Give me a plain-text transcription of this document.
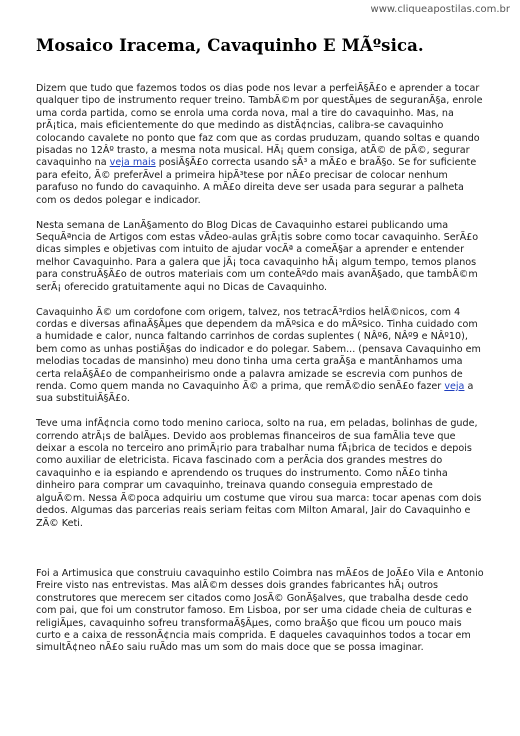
www.cliqueapostilas.com.br
Mosaico Iracema, Cavaquinho E MÃºsica.

Dizem que tudo que fazemos todos os dias pode nos levar a perfeiÃ§Ã£o e aprender a tocar qualquer tipo de instrumento requer treino. TambÃ©m por questÃµes de seguranÃ§a, enrole uma corda partida, como se enrola uma corda nova, mal a tire do cavaquinho. Mas, na prÃ¡tica, mais eficientemente do que medindo as distÃ¢ncias, calibra-se cavaquinho colocando cavalete no ponto que faz com que as cordas pruduzam, quando soltas e quando pisadas no 12Âº trasto, a mesma nota musical. HÃ¡ quem consiga, atÃ© de pÃ©, segurar cavaquinho na veja mais posiÃ§Ã£o correcta usando sÃ³ a mÃ£o e braÃ§o. Se for suficiente para efeito, Ã© preferÃvel a primeira hipÃ³tese por nÃ£o precisar de colocar nenhum parafuso no fundo do cavaquinho. A mÃ£o direita deve ser usada para segurar a palheta com os dedos polegar e indicador.

Nesta semana de LanÃ§amento do Blog Dicas de Cavaquinho estarei publicando uma SequÃªncia de Artigos com estas vÃdeo-aulas grÃ¡tis sobre como tocar cavaquinho. SerÃ£o dicas simples e objetivas com intuito de ajudar vocÃª a comeÃ§ar a aprender e entender melhor Cavaquinho. Para a galera que jÃ¡ toca cavaquinho hÃ¡ algum tempo, temos planos para construÃ§Ã£o de outros materiais com um conteÃºdo mais avanÃ§ado, que tambÃ©m serÃ¡ oferecido gratuitamente aqui no Dicas de Cavaquinho.

Cavaquinho Ã© um cordofone com origem, talvez, nos tetracÃ³rdios helÃ©nicos, com 4 cordas e diversas afinaÃ§Ãµes que dependem da mÃºsica e do mÃºsico. Tinha cuidado com a humidade e calor, nunca faltando carrinhos de cordas suplentes ( NÂº6, NÂº9 e NÂº10), bem como as unhas postiÃ§as do indicador e do polegar. Sabem... (pensava Cavaquinho em melodias tocadas de mansinho) meu dono tinha uma certa graÃ§a e mantÃnhamos uma certa relaÃ§Ã£o de companheirismo onde a palavra amizade se escrevia com punhos de renda. Como quem manda no Cavaquinho Ã© a prima, que remÃ©dio senÃ£o fazer veja a sua substituiÃ§Ã£o.

Teve uma infÃ¢ncia como todo menino carioca, solto na rua, em peladas, bolinhas de gude, correndo atrÃ¡s de balÃµes. Devido aos problemas financeiros de sua famÃlia teve que deixar a escola no terceiro ano primÃ¡rio para trabalhar numa fÃ¡brica de tecidos e depois como auxiliar de eletricista. Ficava fascinado com a perÃcia dos grandes mestres do cavaquinho e ia espiando e aprendendo os truques do instrumento. Como nÃ£o tinha dinheiro para comprar um cavaquinho, treinava quando conseguia emprestado de alguÃ©m. Nessa Ã©poca adquiriu um costume que virou sua marca: tocar apenas com dois dedos. Algumas das parcerias reais seriam feitas com Milton Amaral, Jair do Cavaquinho e ZÃ© Keti.

Foi a Artimusica que construiu cavaquinho estilo Coimbra nas mÃ£os de JoÃ£o Vila e Antonio Freire visto nas entrevistas. Mas alÃ©m desses dois grandes fabricantes hÃ¡ outros construtores que merecem ser citados como JosÃ© GonÃ§alves, que trabalha desde cedo com pai, que foi um construtor famoso. Em Lisboa, por ser uma cidade cheia de culturas e religiÃµes, cavaquinho sofreu transformaÃ§Ãµes, como braÃ§o que ficou um pouco mais curto e a caixa de ressonÃ¢ncia mais comprida. E daqueles cavaquinhos todos a tocar em simultÃ¢neo nÃ£o saiu ruÃdo mas um som do mais doce que se possa imaginar.
